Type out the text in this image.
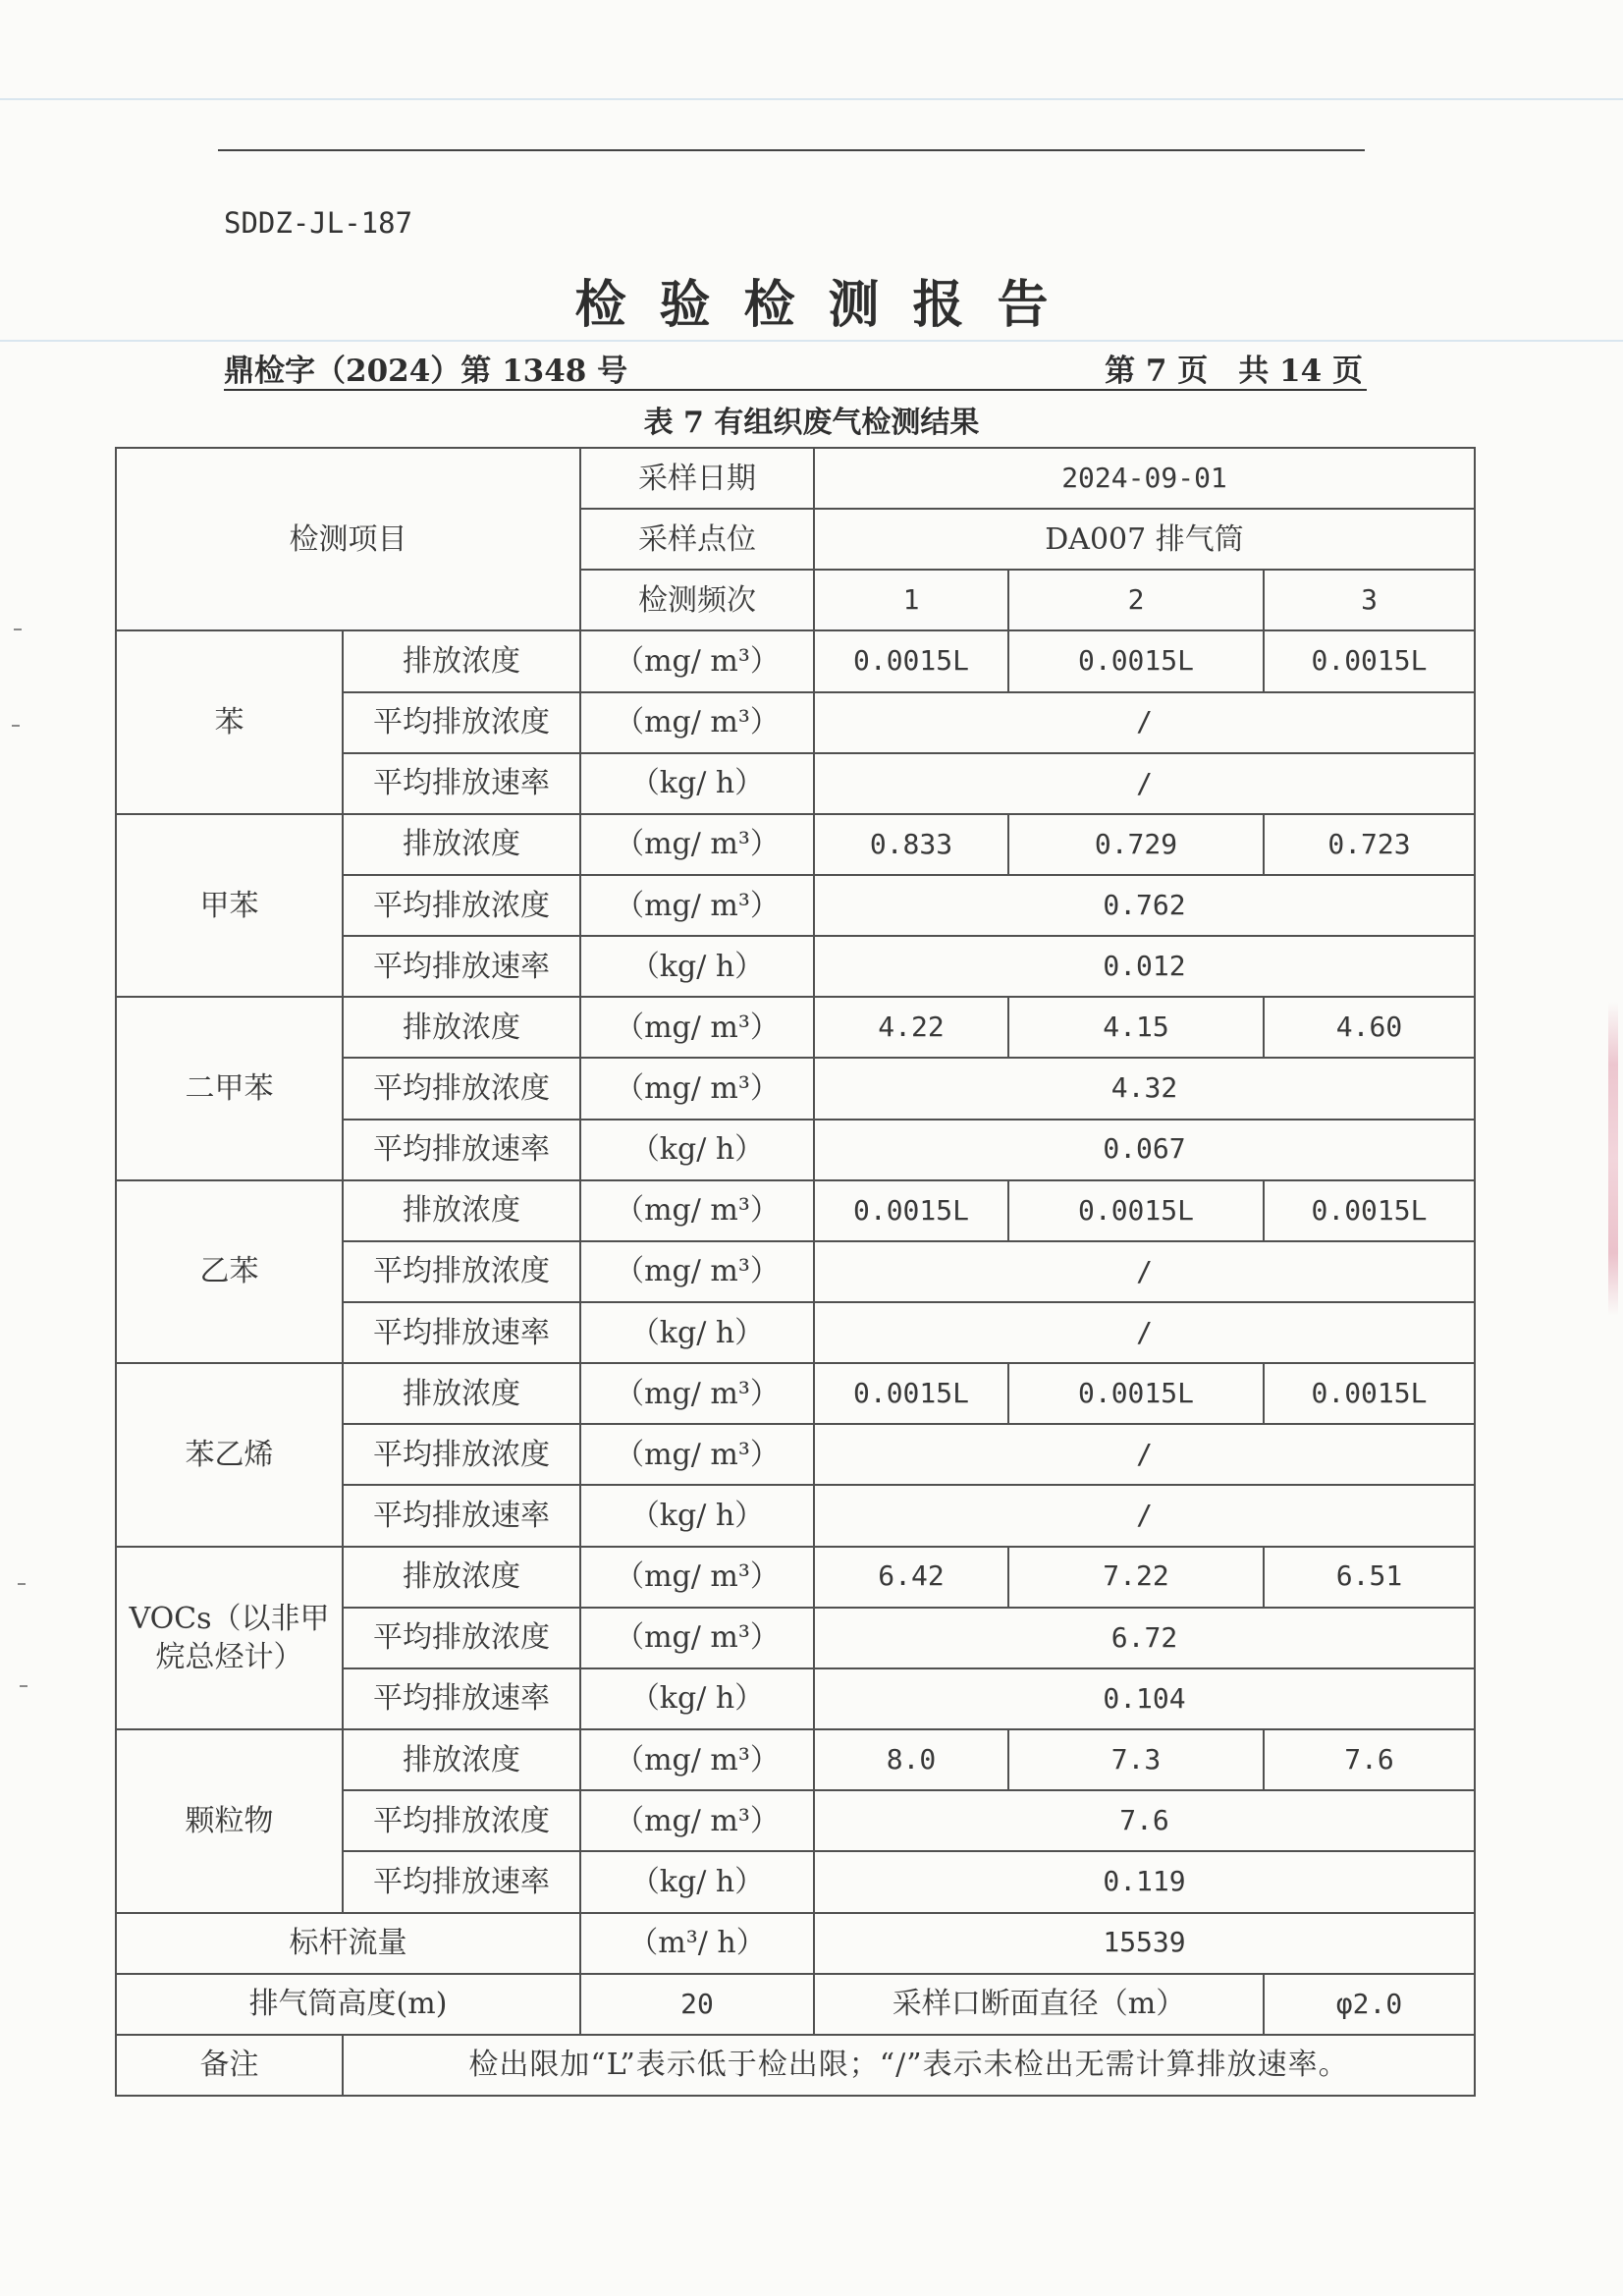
SDDZ-JL-187
检验检测报告
鼎检字（2024）第 1348 号	第 7 页　共 14 页
表 7 有组织废气检测结果
检测项目		采样日期	2024-09-01		
		采样点位	DA007 排气筒		
		检测频次	1	2	3
苯	排放浓度	（mg/ m³）	0.0015L	0.0015L	0.0015L
	平均排放浓度	（mg/ m³）	/		
	平均排放速率	（kg/ h）	/		
甲苯	排放浓度	（mg/ m³）	0.833	0.729	0.723
	平均排放浓度	（mg/ m³）	0.762		
	平均排放速率	（kg/ h）	0.012		
二甲苯	排放浓度	（mg/ m³）	4.22	4.15	4.60
	平均排放浓度	（mg/ m³）	4.32		
	平均排放速率	（kg/ h）	0.067		
乙苯	排放浓度	（mg/ m³）	0.0015L	0.0015L	0.0015L
	平均排放浓度	（mg/ m³）	/		
	平均排放速率	（kg/ h）	/		
苯乙烯	排放浓度	（mg/ m³）	0.0015L	0.0015L	0.0015L
	平均排放浓度	（mg/ m³）	/		
	平均排放速率	（kg/ h）	/		
VOCs（以非甲烷总烃计）	排放浓度	（mg/ m³）	6.42	7.22	6.51
	平均排放浓度	（mg/ m³）	6.72		
	平均排放速率	（kg/ h）	0.104		
颗粒物	排放浓度	（mg/ m³）	8.0	7.3	7.6
	平均排放浓度	（mg/ m³）	7.6		
	平均排放速率	（kg/ h）	0.119		
标杆流量		（m³/ h）	15539		
排气筒高度(m)		20	采样口断面直径（m）		φ2.0
备注	检出限加“L”表示低于检出限；“/”表示未检出无需计算排放速率。				
